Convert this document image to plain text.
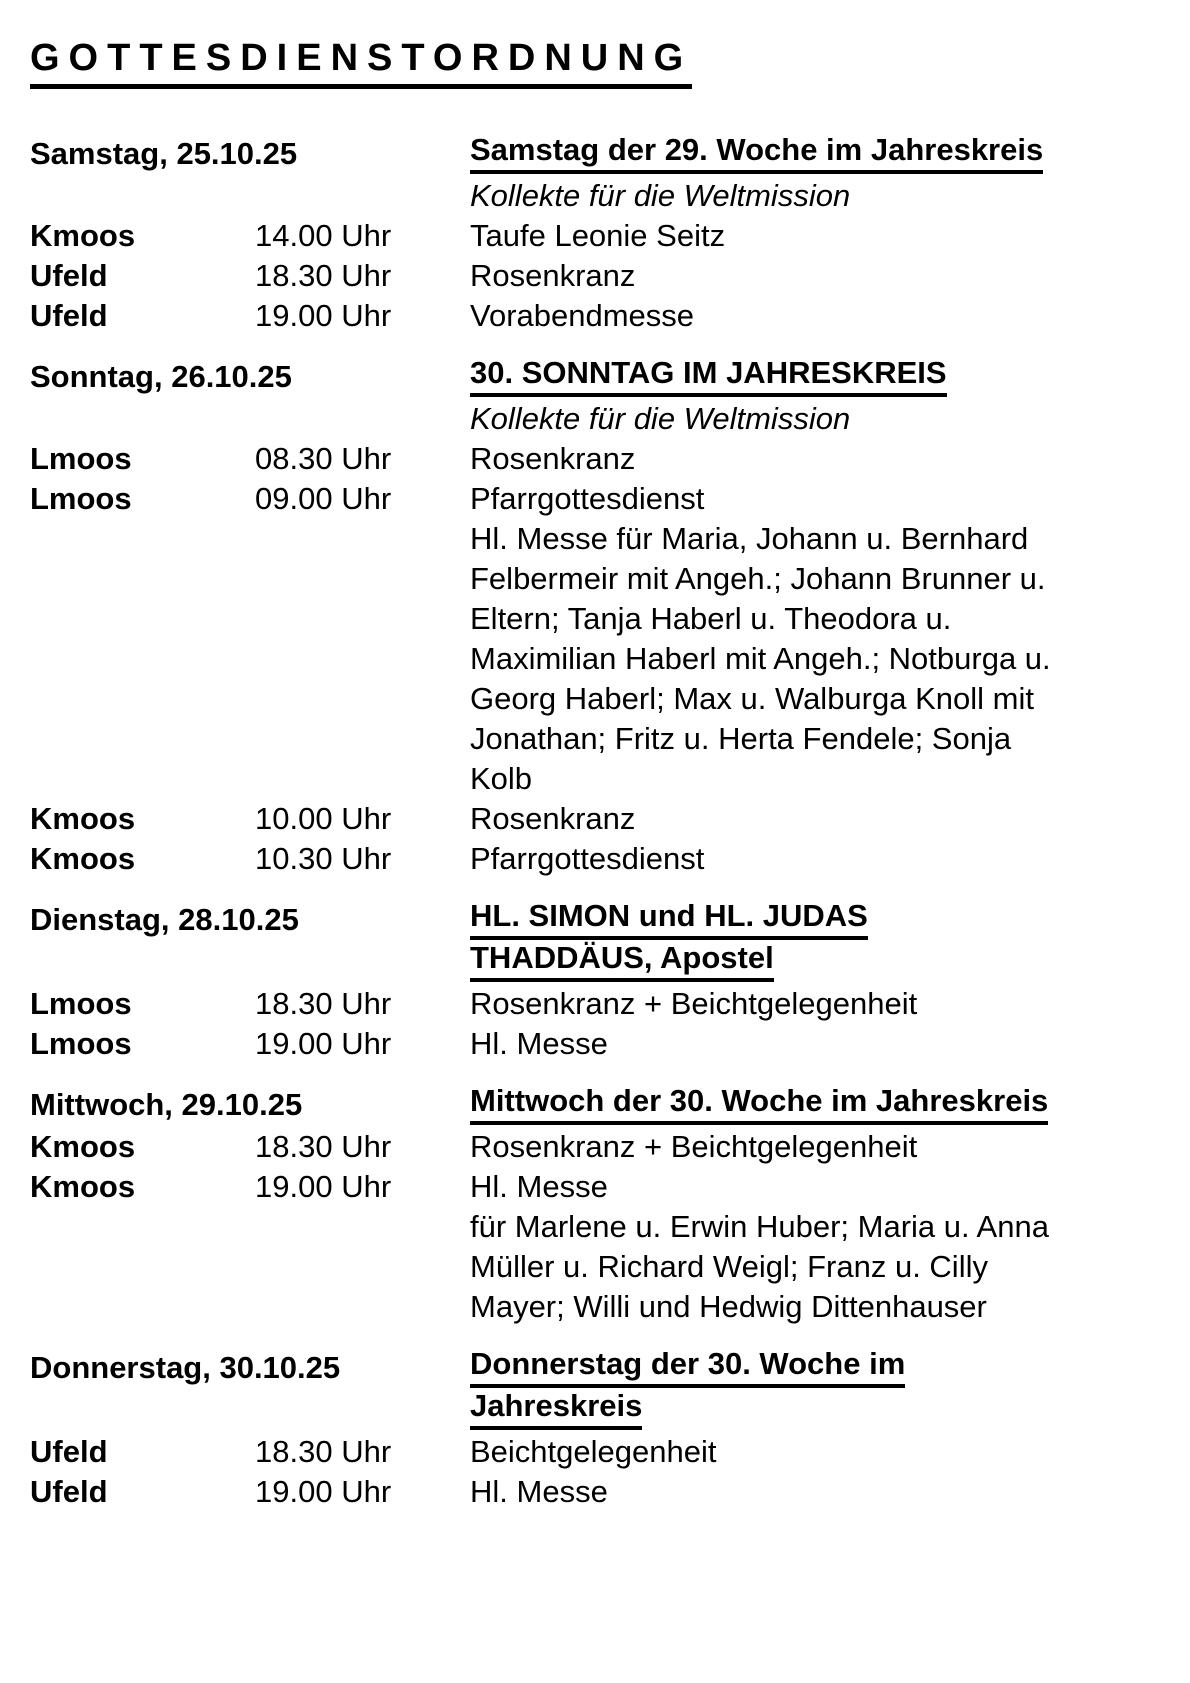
GOTTESDIENSTORDNUNG
Samstag, 25.10.25	Samstag der 29. Woche im Jahreskreis
Kollekte für die Weltmission
Kmoos	14.00 Uhr	Taufe Leonie Seitz
Ufeld	18.30 Uhr	Rosenkranz
Ufeld	19.00 Uhr	Vorabendmesse
Sonntag, 26.10.25	30. SONNTAG IM JAHRESKREIS
Kollekte für die Weltmission
Lmoos	08.30 Uhr	Rosenkranz
Lmoos	09.00 Uhr	Pfarrgottesdienst
Hl. Messe für Maria, Johann u. Bernhard
Felbermeir mit Angeh.; Johann Brunner u.
Eltern; Tanja Haberl u. Theodora u.
Maximilian Haberl mit Angeh.; Notburga u.
Georg Haberl; Max u. Walburga Knoll mit
Jonathan; Fritz u. Herta Fendele; Sonja
Kolb
Kmoos	10.00 Uhr	Rosenkranz
Kmoos	10.30 Uhr	Pfarrgottesdienst
Dienstag, 28.10.25	HL. SIMON und HL. JUDAS
THADDÄUS, Apostel
Lmoos	18.30 Uhr	Rosenkranz + Beichtgelegenheit
Lmoos	19.00 Uhr	Hl. Messe
Mittwoch, 29.10.25	Mittwoch der 30. Woche im Jahreskreis
Kmoos	18.30 Uhr	Rosenkranz + Beichtgelegenheit
Kmoos	19.00 Uhr	Hl. Messe
für Marlene u. Erwin Huber; Maria u. Anna
Müller u. Richard Weigl; Franz u. Cilly
Mayer; Willi und Hedwig Dittenhauser
Donnerstag, 30.10.25	Donnerstag der 30. Woche im
Jahreskreis
Ufeld	18.30 Uhr	Beichtgelegenheit
Ufeld	19.00 Uhr	Hl. Messe
